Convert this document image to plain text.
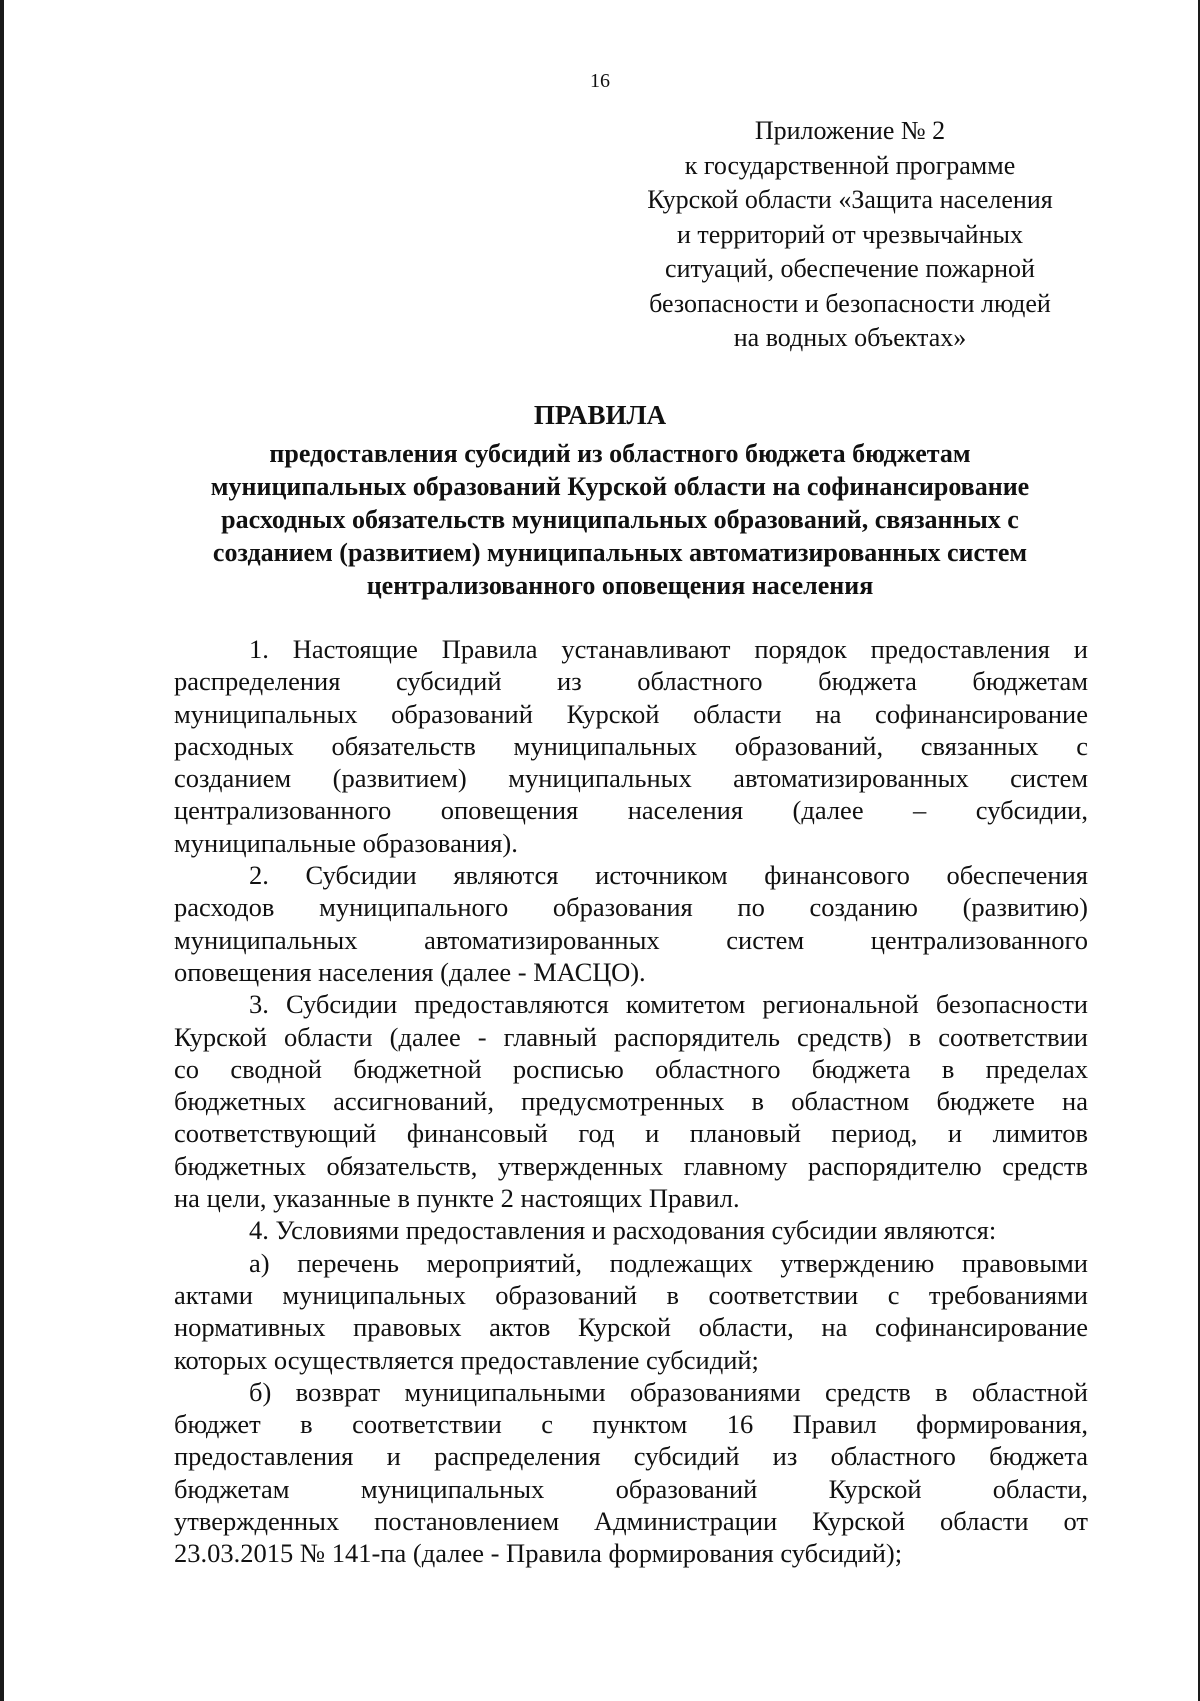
16
Приложение № 2
к государственной программе
Курской области «Защита населения
и территорий от чрезвычайных
ситуаций, обеспечение пожарной
безопасности и безопасности людей
на водных объектах»
ПРАВИЛА
предоставления субсидий из областного бюджета бюджетам
муниципальных образований Курской области на софинансирование
расходных обязательств муниципальных образований, связанных с
созданием (развитием) муниципальных автоматизированных систем
централизованного оповещения населения
1. Настоящие Правила устанавливают порядок предоставления и
распределения субсидий из областного бюджета бюджетам
муниципальных образований Курской области на софинансирование
расходных обязательств муниципальных образований, связанных с
созданием (развитием) муниципальных автоматизированных систем
централизованного оповещения населения (далее – субсидии,
муниципальные образования).
2. Субсидии являются источником финансового обеспечения
расходов муниципального образования по созданию (развитию)
муниципальных автоматизированных систем централизованного
оповещения населения (далее - МАСЦО).
3. Субсидии предоставляются комитетом региональной безопасности
Курской области (далее - главный распорядитель средств) в соответствии
со сводной бюджетной росписью областного бюджета в пределах
бюджетных ассигнований, предусмотренных в областном бюджете на
соответствующий финансовый год и плановый период, и лимитов
бюджетных обязательств, утвержденных главному распорядителю средств
на цели, указанные в пункте 2 настоящих Правил.
4. Условиями предоставления и расходования субсидии являются:
а) перечень мероприятий, подлежащих утверждению правовыми
актами муниципальных образований в соответствии с требованиями
нормативных правовых актов Курской области, на софинансирование
которых осуществляется предоставление субсидий;
б) возврат муниципальными образованиями средств в областной
бюджет в соответствии с пунктом 16 Правил формирования,
предоставления и распределения субсидий из областного бюджета
бюджетам муниципальных образований Курской области,
утвержденных постановлением Администрации Курской области от
23.03.2015 № 141-па (далее - Правила формирования субсидий);
